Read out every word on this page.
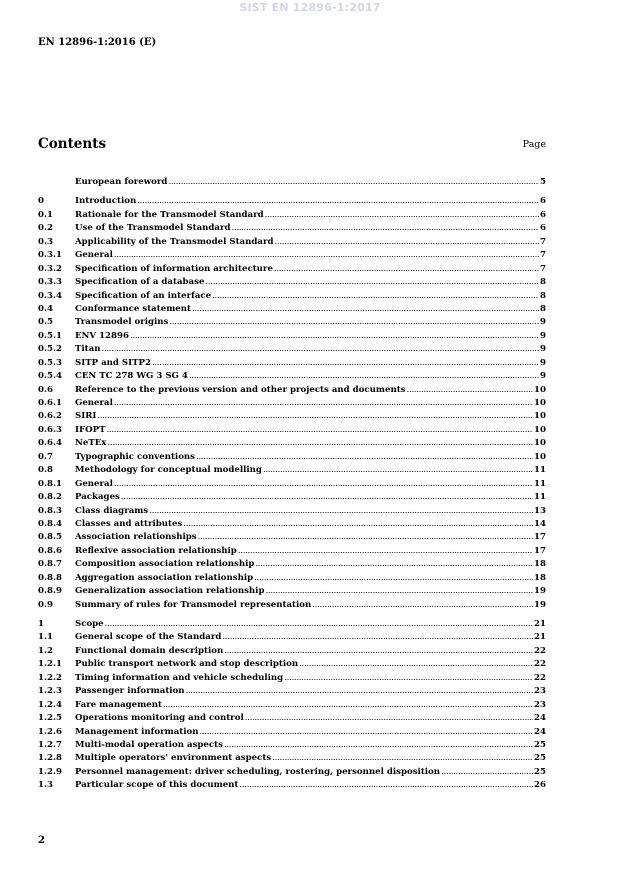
SIST EN 12896-1:2017
EN 12896-1:2016 (E)
Contents	Page
European foreword .....	5
0	Introduction .....	6
0.1	Rationale for the Transmodel Standard .....	6
0.2	Use of the Transmodel Standard .....	6
0.3	Applicability of the Transmodel Standard .....	7
0.3.1	General .....	7
0.3.2	Specification of information architecture .....	7
0.3.3	Specification of a database .....	8
0.3.4	Specification of an interface .....	8
0.4	Conformance statement .....	8
0.5	Transmodel origins .....	9
0.5.1	ENV 12896 .....	9
0.5.2	Titan .....	9
0.5.3	SITP and SITP2 .....	9
0.5.4	CEN TC 278 WG 3 SG 4 .....	9
0.6	Reference to the previous version and other projects and documents .....	10
0.6.1	General .....	10
0.6.2	SIRI .....	10
0.6.3	IFOPT .....	10
0.6.4	NeTEx .....	10
0.7	Typographic conventions .....	10
0.8	Methodology for conceptual modelling .....	11
0.8.1	General .....	11
0.8.2	Packages .....	11
0.8.3	Class diagrams .....	13
0.8.4	Classes and attributes .....	14
0.8.5	Association relationships .....	17
0.8.6	Reflexive association relationship .....	17
0.8.7	Composition association relationship .....	18
0.8.8	Aggregation association relationship .....	18
0.8.9	Generalization association relationship .....	19
0.9	Summary of rules for Transmodel representation .....	19
1	Scope .....	21
1.1	General scope of the Standard .....	21
1.2	Functional domain description .....	22
1.2.1	Public transport network and stop description .....	22
1.2.2	Timing information and vehicle scheduling .....	22
1.2.3	Passenger information .....	23
1.2.4	Fare management .....	23
1.2.5	Operations monitoring and control .....	24
1.2.6	Management information .....	24
1.2.7	Multi-modal operation aspects .....	25
1.2.8	Multiple operators' environment aspects .....	25
1.2.9	Personnel management: driver scheduling, rostering, personnel disposition .....	25
1.3	Particular scope of this document .....	26
2
